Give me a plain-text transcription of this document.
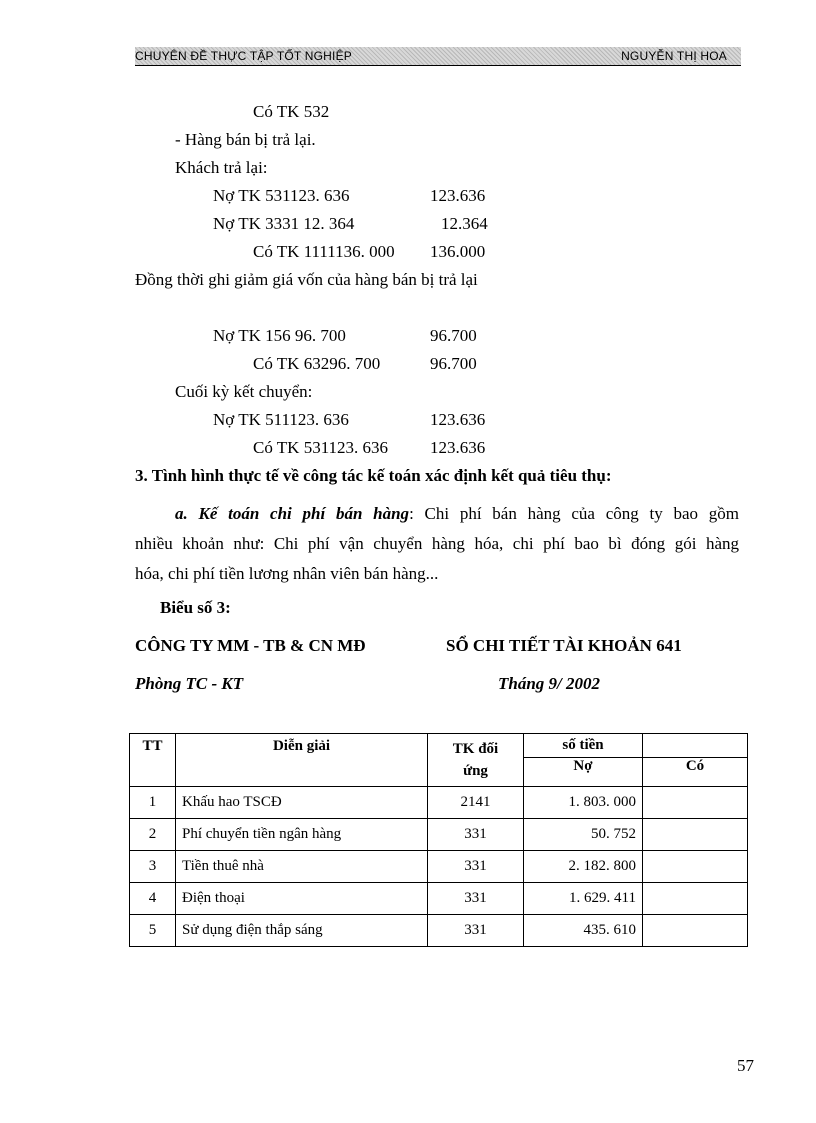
CHUYÊN ĐỀ THỰC TẬP TỐT NGHIỆP	NGUYỄN THỊ HOA
Có TK 532
- Hàng bán bị trả lại.
Khách trả lại:
Nợ TK 531123. 636	123.636
Nợ TK 3331 12. 364	12.364
Có TK 1111136. 000 136.000
Đồng thời ghi giảm giá vốn của hàng bán bị trả lại
Nợ TK 156 96. 700	96.700
Có TK 63296. 700	96.700
Cuối kỳ kết chuyển:
Nợ TK 511123. 636	123.636
Có TK 531123. 636 123.636
3. Tình hình thực tế về công tác kế toán xác định kết quả tiêu thụ:
a. Kế toán chi phí bán hàng: Chi phí bán hàng của công ty bao gồm
nhiều khoản như: Chi phí vận chuyển hàng hóa, chi phí bao bì đóng gói hàng
hóa, chi phí tiền lương nhân viên bán hàng...
Biểu số 3:
CÔNG TY MM - TB & CN MĐ	SỔ CHI TIẾT TÀI KHOẢN 641
Phòng TC - KT	Tháng 9/ 2002
TT	Diễn giải	TK đối ứng	số tiền	
			Nợ	Có
1	Khấu hao TSCĐ	2141	1. 803. 000	
2	Phí chuyển tiền ngân hàng	331	50. 752	
3	Tiền thuê nhà	331	2. 182. 800	
4	Điện thoại	331	1. 629. 411	
5	Sử dụng điện thắp sáng	331	435. 610	
57
